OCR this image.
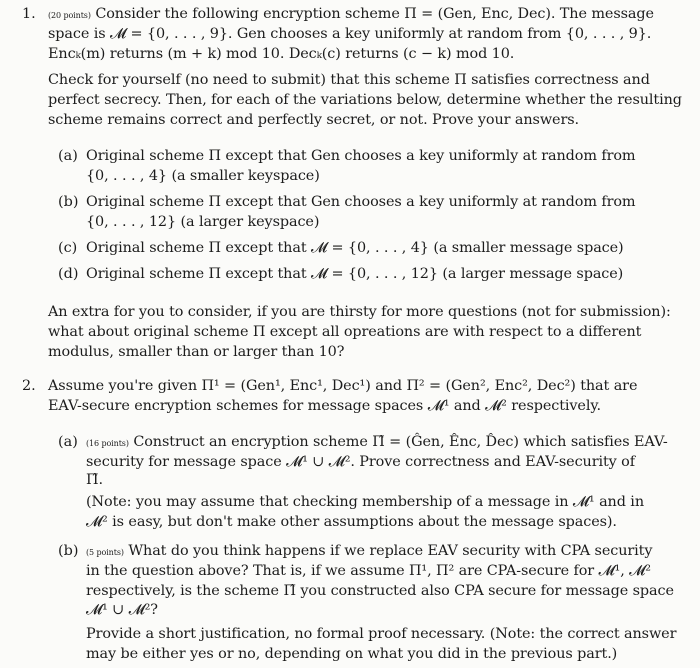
1. (20 points) Consider the following encryption scheme Π = (Gen, Enc, Dec). The message
space is 𝓜 = {0, . . . , 9}. Gen chooses a key uniformly at random from {0, . . . , 9}.
Encₖ(m) returns (m + k) mod 10. Decₖ(c) returns (c − k) mod 10.
Check for yourself (no need to submit) that this scheme Π satisfies correctness and
perfect secrecy. Then, for each of the variations below, determine whether the resulting
scheme remains correct and perfectly secret, or not. Prove your answers.
(a) Original scheme Π except that Gen chooses a key uniformly at random from
{0, . . . , 4} (a smaller keyspace)
(b) Original scheme Π except that Gen chooses a key uniformly at random from
{0, . . . , 12} (a larger keyspace)
(c) Original scheme Π except that 𝓜 = {0, . . . , 4} (a smaller message space)
(d) Original scheme Π except that 𝓜 = {0, . . . , 12} (a larger message space)
An extra for you to consider, if you are thirsty for more questions (not for submission):
what about original scheme Π except all opreations are with respect to a different
modulus, smaller than or larger than 10?
2. Assume you're given Π¹ = (Gen¹, Enc¹, Dec¹) and Π² = (Gen², Enc², Dec²) that are
EAV-secure encryption schemes for message spaces 𝓜¹ and 𝓜² respectively.
(a) (16 points) Construct an encryption scheme Π̂ = (Ĝen, Ênc, D̂ec) which satisfies EAV-
security for message space 𝓜¹ ∪ 𝓜². Prove correctness and EAV-security of
Π̂.
(Note: you may assume that checking membership of a message in 𝓜¹ and in
𝓜² is easy, but don't make other assumptions about the message spaces).
(b) (5 points) What do you think happens if we replace EAV security with CPA security
in the question above? That is, if we assume Π¹, Π² are CPA-secure for 𝓜¹, 𝓜²
respectively, is the scheme Π̂ you constructed also CPA secure for message space
𝓜¹ ∪ 𝓜²?
Provide a short justification, no formal proof necessary. (Note: the correct answer
may be either yes or no, depending on what you did in the previous part.)
